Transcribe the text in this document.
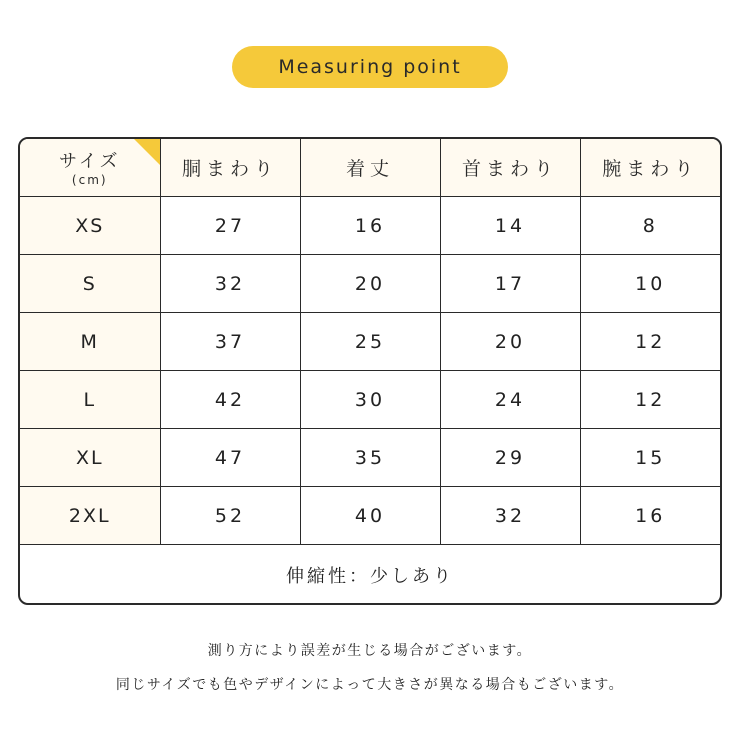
Measuring point
サイズ
(cm)	胴まわり	着丈	首まわり	腕まわり
XS	27	16	14	8
S	32	20	17	10
M	37	25	20	12
L	42	30	24	12
XL	47	35	29	15
2XL	52	40	32	16
伸縮性：少しあり
測り方により誤差が生じる場合がございます。
同じサイズでも色やデザインによって大きさが異なる場合もございます。
